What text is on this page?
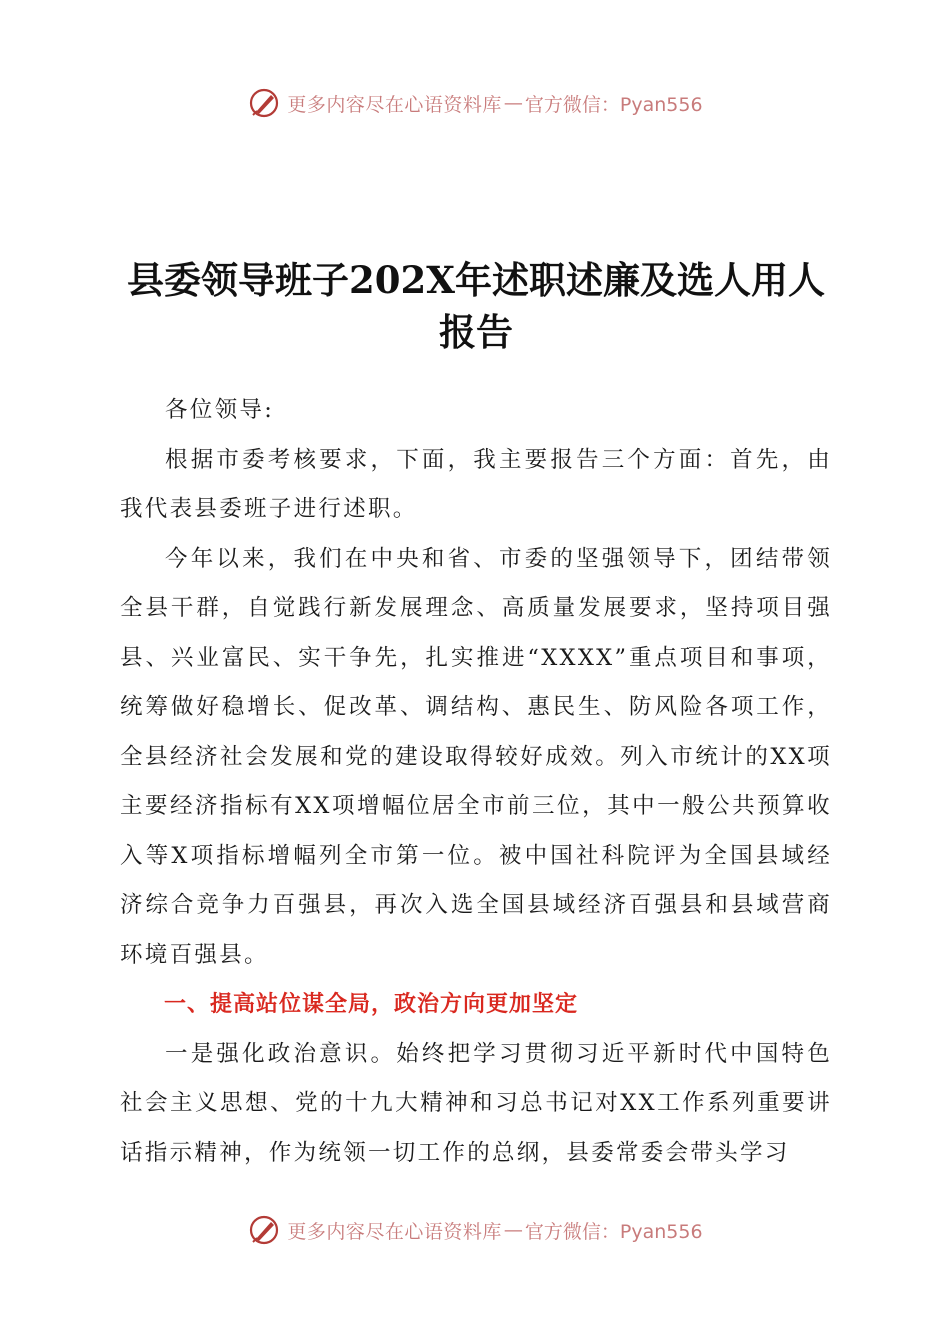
更多内容尽在心语资料库 — 官方微信：Pyan556
县委领导班子202X年述职述廉及选人用人报告

各位领导:

根据市委考核要求，下面，我主要报告三个方面：首先，由我代表县委班子进行述职。

今年以来，我们在中央和省、市委的坚强领导下，团结带领全县干群，自觉践行新发展理念、高质量发展要求，坚持项目强县、兴业富民、实干争先，扎实推进“XXXX”重点项目和事项，统筹做好稳增长、促改革、调结构、惠民生、防风险各项工作，全县经济社会发展和党的建设取得较好成效。列入市统计的XX项主要经济指标有XX项增幅位居全市前三位，其中一般公共预算收入等X项指标增幅列全市第一位。被中国社科院评为全国县域经济综合竞争力百强县，再次入选全国县域经济百强县和县域营商环境百强县。

一、提高站位谋全局，政治方向更加坚定

一是强化政治意识。始终把学习贯彻习近平新时代中国特色社会主义思想、党的十九大精神和习总书记对XX工作系列重要讲话指示精神，作为统领一切工作的总纲，县委常委会带头学习

更多内容尽在心语资料库 — 官方微信：Pyan556
